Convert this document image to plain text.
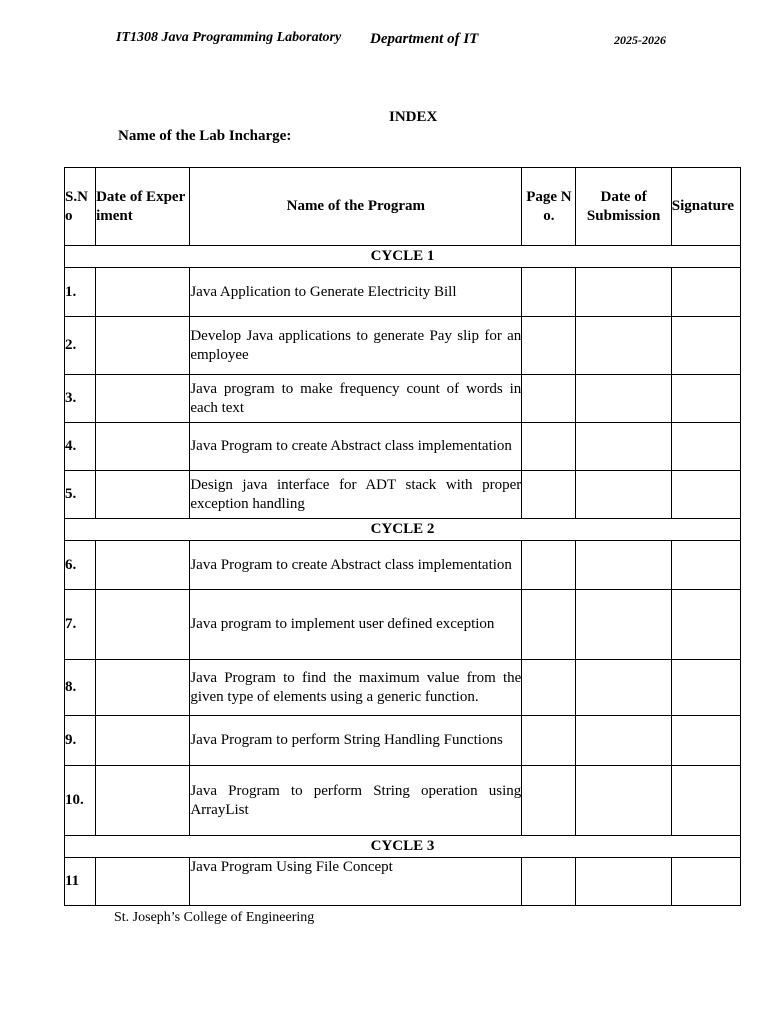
IT1308 Java Programming Laboratory Department of IT	2025-2026
INDEX
Name of the Lab Incharge:
S.No	Date of Experiment	Name of the Program	Page No.	Date of Submission	Signature
CYCLE 1					
1.		Java Application to Generate Electricity Bill			
2.		Develop Java applications to generate Pay slip for an employee			
3.		Java program to make frequency count of words in each text			
4.		Java Program to create Abstract class implementation			
5.		Design java interface for ADT stack with proper exception handling			
CYCLE 2					
6.		Java Program to create Abstract class implementation			
7.		Java program to implement user defined exception			
8.		Java Program to find the maximum value from the given type of elements using a generic function.			
9.		Java Program to perform String Handling Functions			
10.		Java Program to perform String operation using ArrayList			
CYCLE 3					
11		Java Program Using File Concept			
St. Joseph’s College of Engineering
